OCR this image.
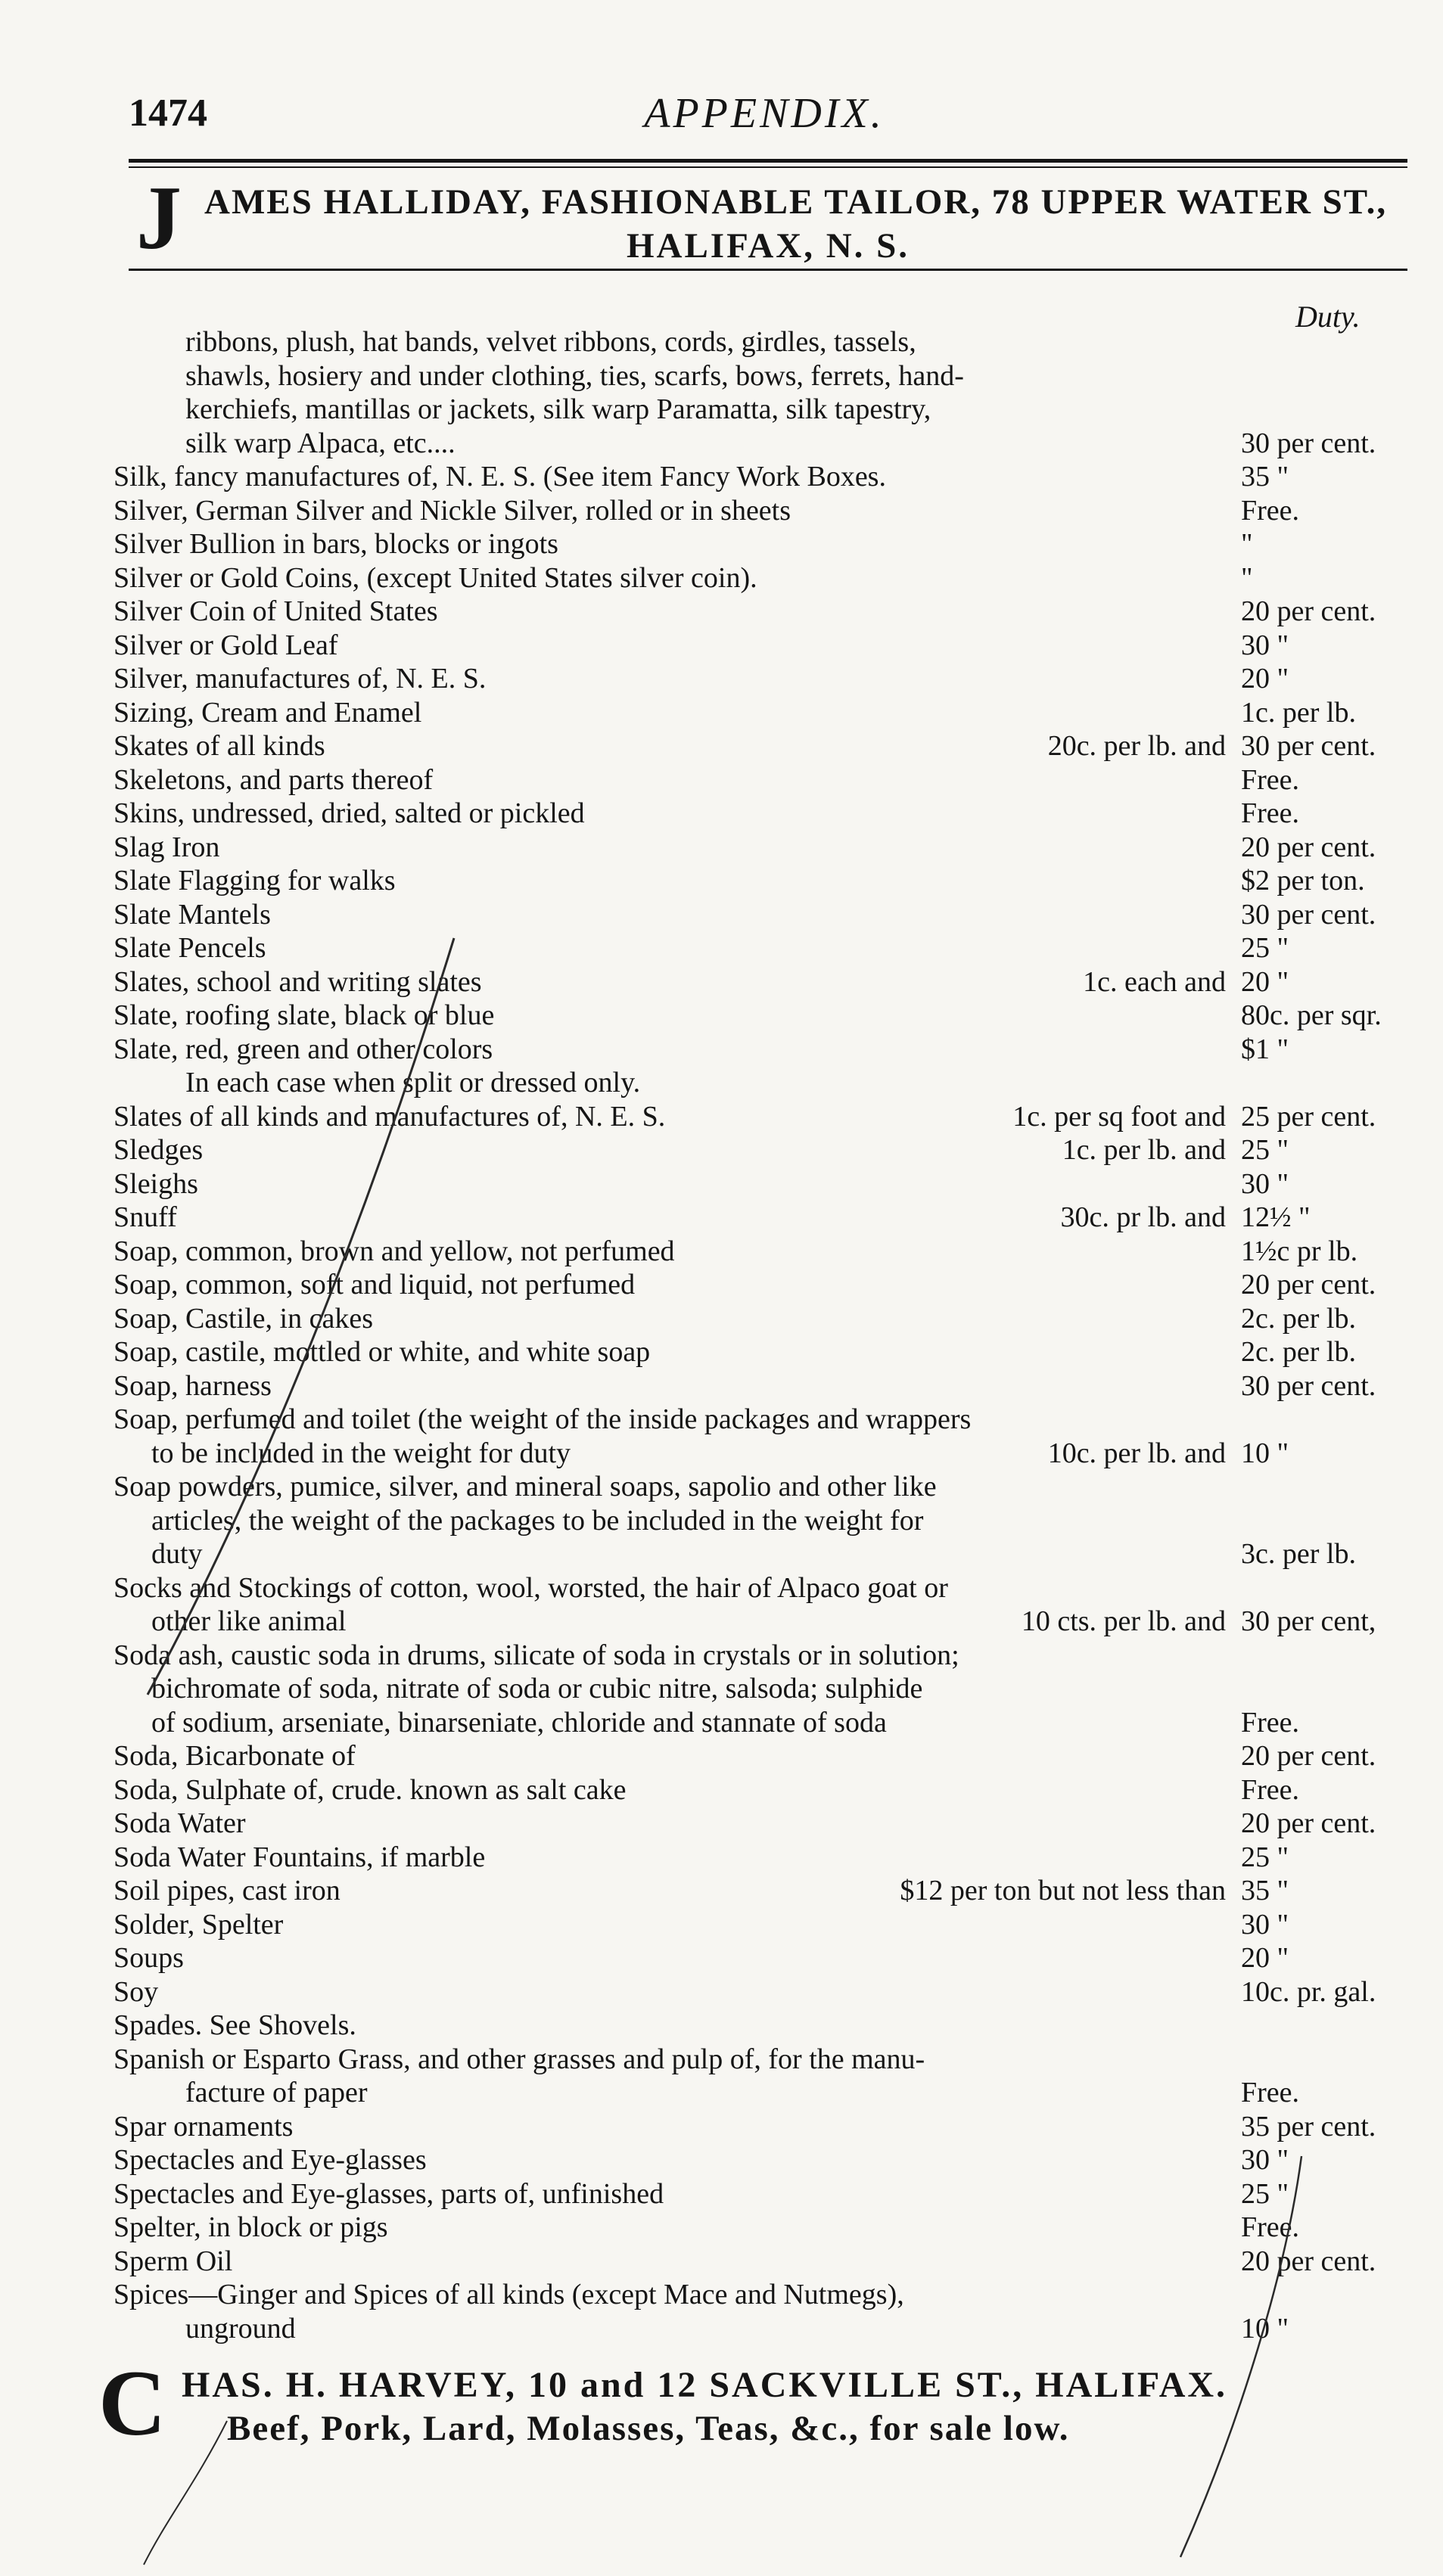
1474	APPENDIX.
J AMES HALLIDAY, FASHIONABLE TAILOR, 78 UPPER WATER ST.,
HALIFAX, N. S.
Duty.
ribbons, plush, hat bands, velvet ribbons, cords, girdles, tassels,
shawls, hosiery and under clothing, ties, scarfs, bows, ferrets, hand-
kerchiefs, mantillas or jackets, silk warp Paramatta, silk tapestry,
silk warp Alpaca, etc....	30 per cent.
Silk, fancy manufactures of, N. E. S. (See item Fancy Work Boxes.	35 "
Silver, German Silver and Nickle Silver, rolled or in sheets	Free.
Silver Bullion in bars, blocks or ingots	"
Silver or Gold Coins, (except United States silver coin).	"
Silver Coin of United States	20 per cent.
Silver or Gold Leaf	30 "
Silver, manufactures of, N. E. S.	20 "
Sizing, Cream and Enamel	1c. per lb.
Skates of all kinds	20c. per lb. and 30 per cent.
Skeletons, and parts thereof	Free.
Skins, undressed, dried, salted or pickled	Free.
Slag Iron	20 per cent.
Slate Flagging for walks	$2 per ton.
Slate Mantels	30 per cent.
Slate Pencels	25 "
Slates, school and writing slates	1c. each and 20 "
Slate, roofing slate, black or blue	80c. per sqr.
Slate, red, green and other colors	$1 "
In each case when split or dressed only.
Slates of all kinds and manufactures of, N. E. S.	1c. per sq foot and 25 per cent.
Sledges	1c. per lb. and 25 "
Sleighs	30 "
Snuff	30c. pr lb. and 12½ "
Soap, common, brown and yellow, not perfumed	1½c pr lb.
Soap, common, soft and liquid, not perfumed	20 per cent.
Soap, Castile, in cakes	2c. per lb.
Soap, castile, mottled or white, and white soap	2c. per lb.
Soap, harness	30 per cent.
Soap, perfumed and toilet (the weight of the inside packages and wrappers
to be included in the weight for duty	10c. per lb. and 10 "
Soap powders, pumice, silver, and mineral soaps, sapolio and other like
articles, the weight of the packages to be included in the weight for
duty	3c. per lb.
Socks and Stockings of cotton, wool, worsted, the hair of Alpaco goat or
other like animal	10 cts. per lb. and 30 per cent,
Soda ash, caustic soda in drums, silicate of soda in crystals or in solution;
bichromate of soda, nitrate of soda or cubic nitre, salsoda; sulphide
of sodium, arseniate, binarseniate, chloride and stannate of soda	Free.
Soda, Bicarbonate of	20 per cent.
Soda, Sulphate of, crude. known as salt cake	Free.
Soda Water	20 per cent.
Soda Water Fountains, if marble	25 "
Soil pipes, cast iron	$12 per ton but not less than 35 "
Solder, Spelter	30 "
Soups	20 "
Soy	10c. pr. gal.
Spades. See Shovels.
Spanish or Esparto Grass, and other grasses and pulp of, for the manu-
facture of paper	Free.
Spar ornaments	35 per cent.
Spectacles and Eye-glasses	30 "
Spectacles and Eye-glasses, parts of, unfinished	25 "
Spelter, in block or pigs	Free.
Sperm Oil	20 per cent.
Spices—Ginger and Spices of all kinds (except Mace and Nutmegs),
unground	10 "
C HAS. H. HARVEY, 10 and 12 SACKVILLE ST., HALIFAX.
Beef, Pork, Lard, Molasses, Teas, &c., for sale low.
